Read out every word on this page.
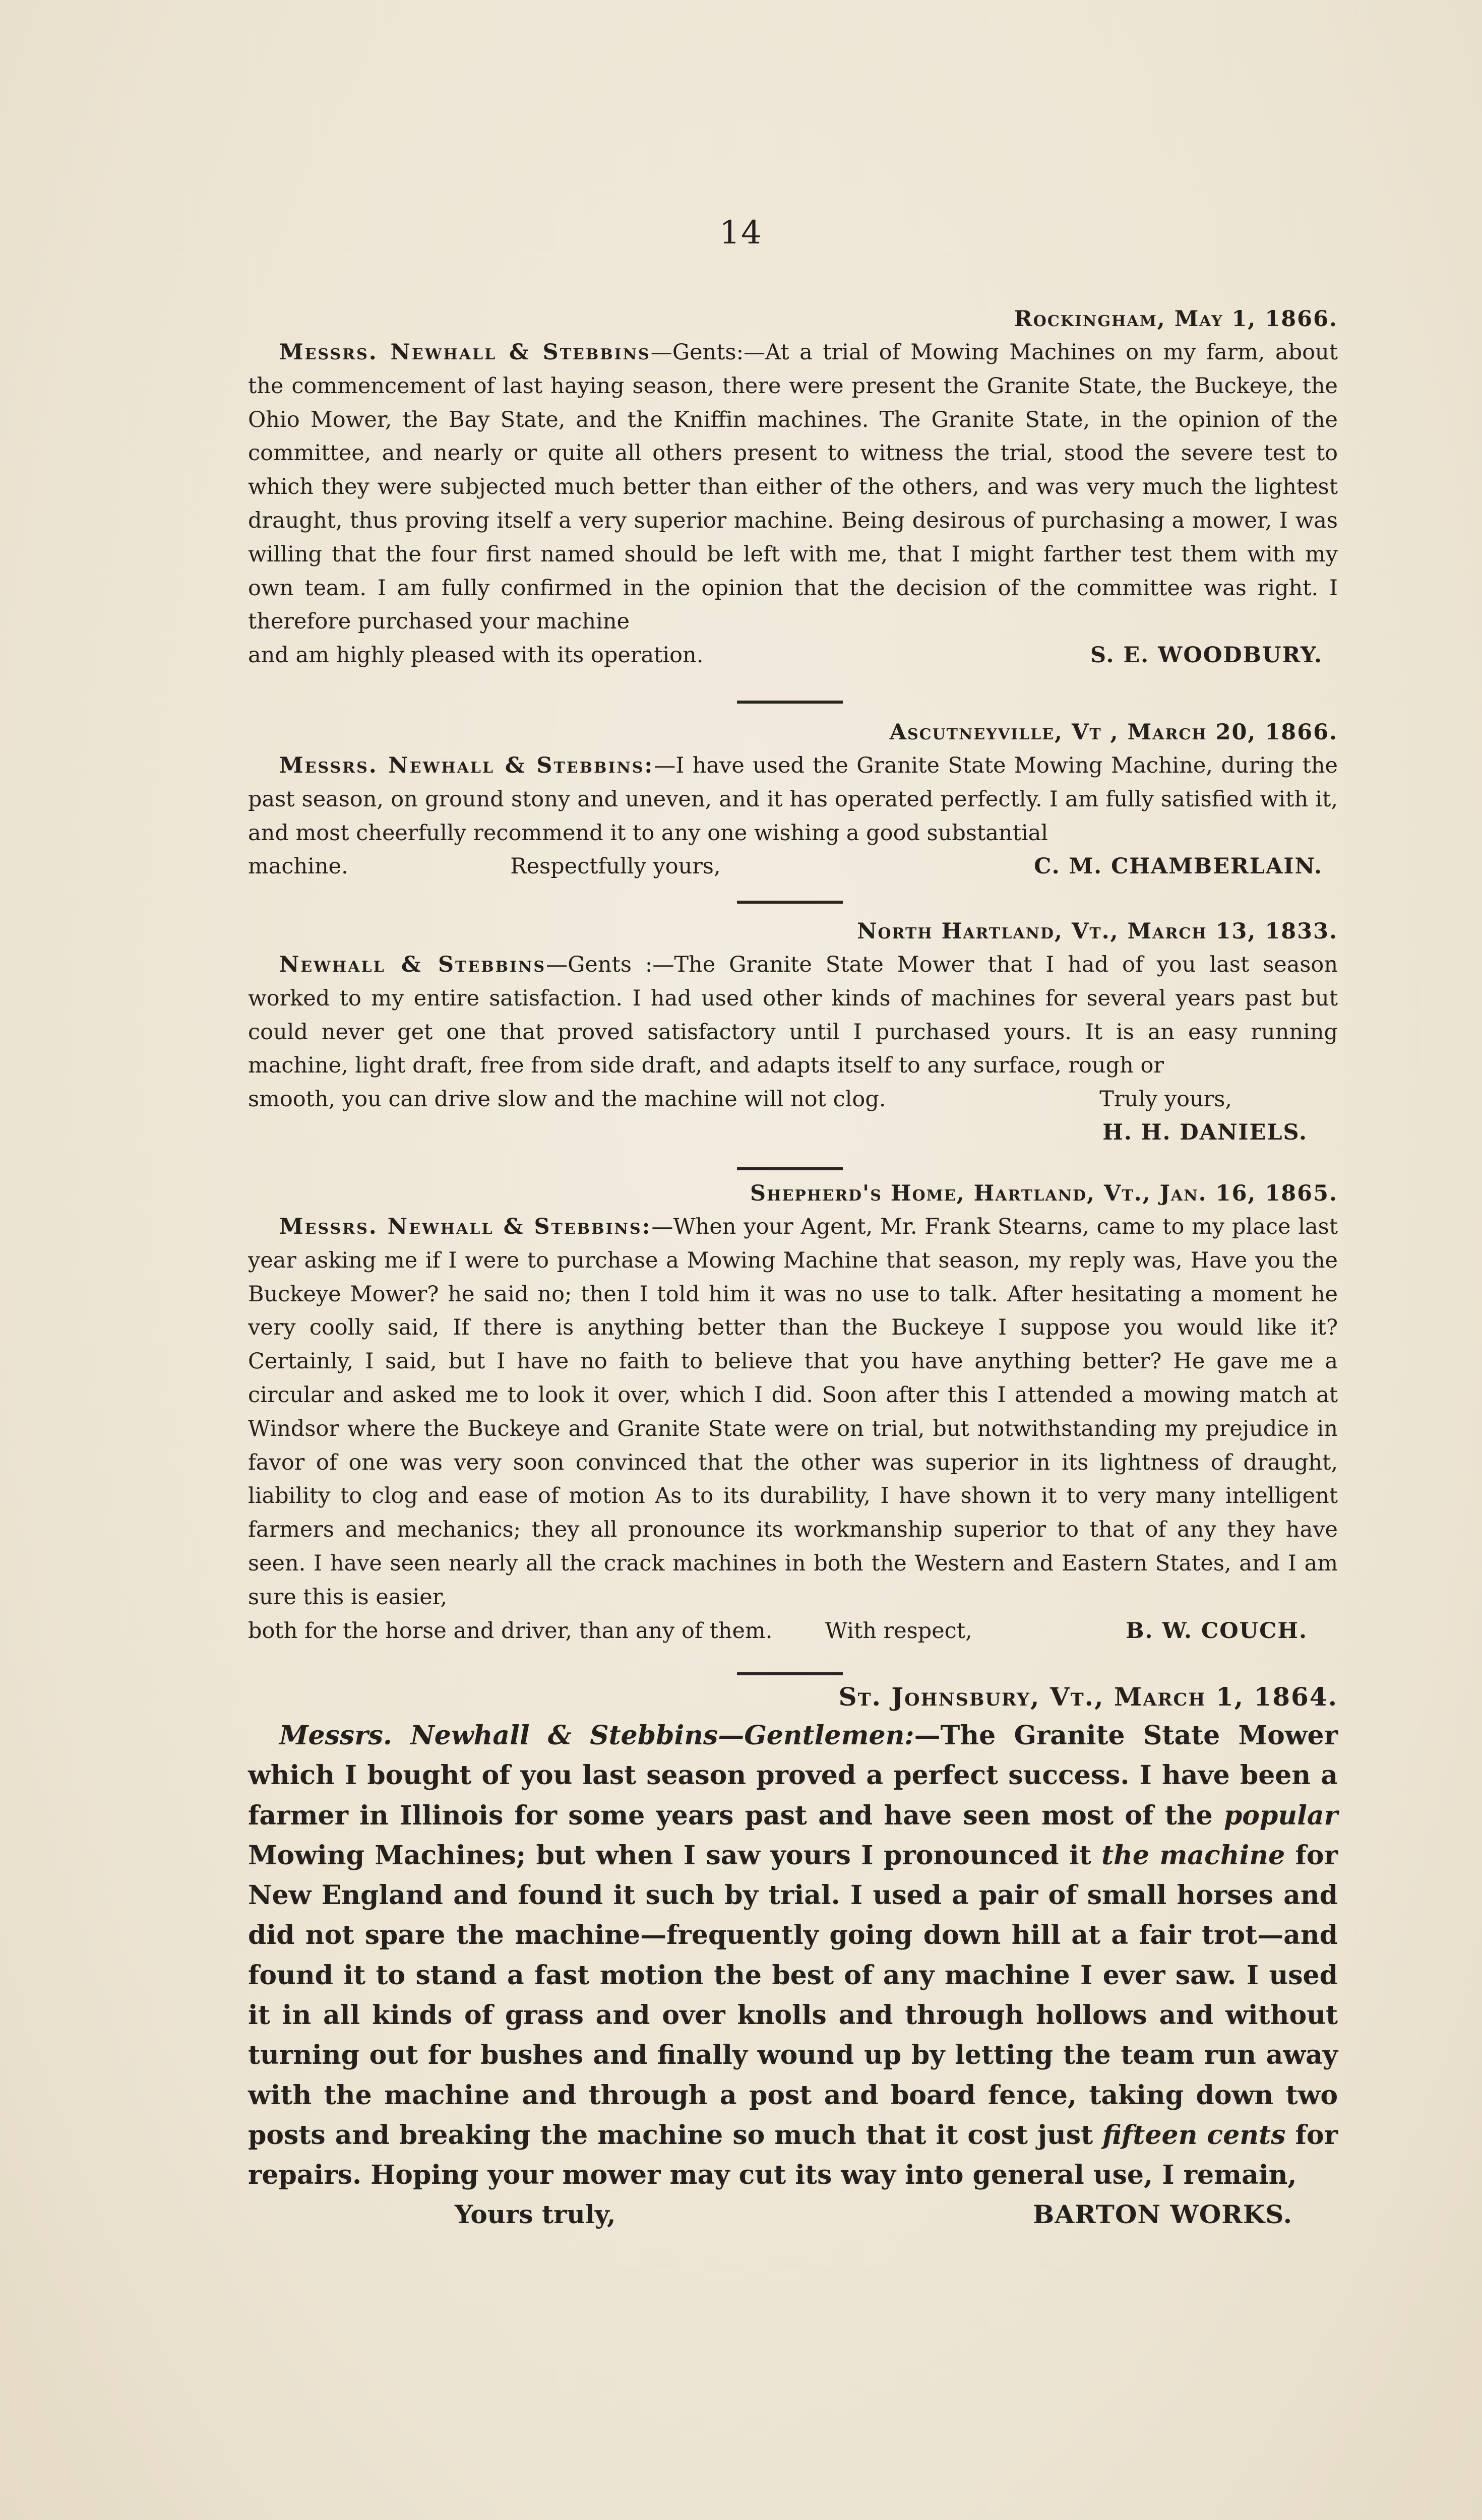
14

Rockingham, May 1, 1866.

Messrs. Newhall & Stebbins—Gents:—At a trial of Mowing Machines on my farm, about the commencement of last haying season, there were present the Granite State, the Buckeye, the Ohio Mower, the Bay State, and the Kniffin machines. The Granite State, in the opinion of the committee, and nearly or quite all others present to witness the trial, stood the severe test to which they were subjected much better than either of the others, and was very much the lightest draught, thus proving itself a very superior machine. Being desirous of purchasing a mower, I was willing that the four first named should be left with me, that I might farther test them with my own team. I am fully confirmed in the opinion that the decision of the committee was right. I therefore purchased your machine

and am highly pleased with its operation.	S. E. WOODBURY.

Ascutneyville, Vt , March 20, 1866.

Messrs. Newhall & Stebbins:—I have used the Granite State Mowing Machine, during the past season, on ground stony and uneven, and it has operated perfectly. I am fully satisfied with it, and most cheerfully recommend it to any one wishing a good substantial

machine.	Respectfully yours,	C. M. CHAMBERLAIN.

North Hartland, Vt., March 13, 1833.

Newhall & Stebbins—Gents :—The Granite State Mower that I had of you last season worked to my entire satisfaction. I had used other kinds of machines for several years past but could never get one that proved satisfactory until I purchased yours. It is an easy running machine, light draft, free from side draft, and adapts itself to any surface, rough or

smooth, you can drive slow and the machine will not clog.	Truly yours,
H. H. DANIELS.

Shepherd's Home, Hartland, Vt., Jan. 16, 1865.

Messrs. Newhall & Stebbins:—When your Agent, Mr. Frank Stearns, came to my place last year asking me if I were to purchase a Mowing Machine that season, my reply was, Have you the Buckeye Mower? he said no; then I told him it was no use to talk. After hesitating a moment he very coolly said, If there is anything better than the Buckeye I suppose you would like it? Certainly, I said, but I have no faith to believe that you have anything better? He gave me a circular and asked me to look it over, which I did. Soon after this I attended a mowing match at Windsor where the Buckeye and Granite State were on trial, but notwithstanding my prejudice in favor of one was very soon convinced that the other was superior in its lightness of draught, liability to clog and ease of motion As to its durability, I have shown it to very many intelligent farmers and mechanics; they all pronounce its workmanship superior to that of any they have seen. I have seen nearly all the crack machines in both the Western and Eastern States, and I am sure this is easier,

both for the horse and driver, than any of them. With respect,	B. W. COUCH.

St. Johnsbury, Vt., March 1, 1864.

Messrs. Newhall & Stebbins—Gentlemen:—The Granite State Mower which I bought of you last season proved a perfect success. I have been a farmer in Illinois for some years past and have seen most of the popular Mowing Machines; but when I saw yours I pronounced it the machine for New England and found it such by trial. I used a pair of small horses and did not spare the machine—frequently going down hill at a fair trot—and found it to stand a fast motion the best of any machine I ever saw. I used it in all kinds of grass and over knolls and through hollows and without turning out for bushes and finally wound up by letting the team run away with the machine and through a post and board fence, taking down two posts and breaking the machine so much that it cost just fifteen cents for repairs. Hoping your mower may cut its way into general use, I remain,

Yours truly,	BARTON WORKS.
